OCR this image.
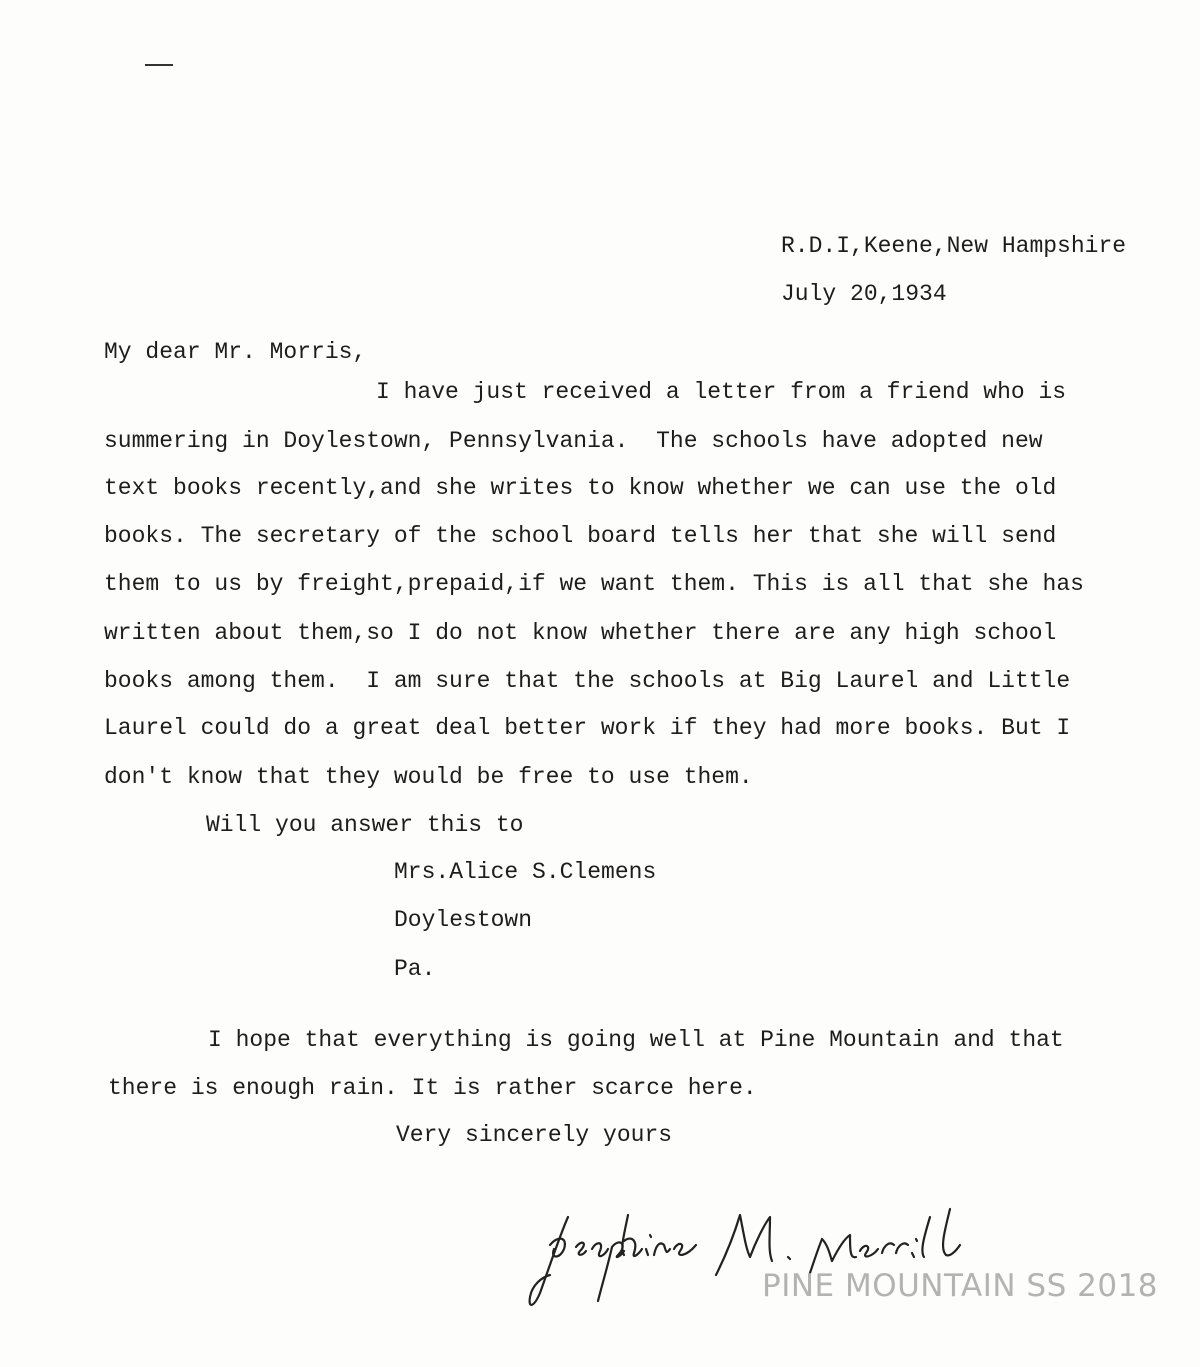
R.D.I,Keene,New Hampshire
July 20,1934
My dear Mr. Morris,
I have just received a letter from a friend who is
summering in Doylestown, Pennsylvania.  The schools have adopted new
text books recently,and she writes to know whether we can use the old
books. The secretary of the school board tells her that she will send
them to us by freight,prepaid,if we want them. This is all that she has
written about them,so I do not know whether there are any high school
books among them.  I am sure that the schools at Big Laurel and Little
Laurel could do a great deal better work if they had more books. But I
don't know that they would be free to use them.
Will you answer this to
Mrs.Alice S.Clemens
Doylestown
Pa.
I hope that everything is going well at Pine Mountain and that
there is enough rain. It is rather scarce here.
Very sincerely yours
PINE MOUNTAIN SS 2018
